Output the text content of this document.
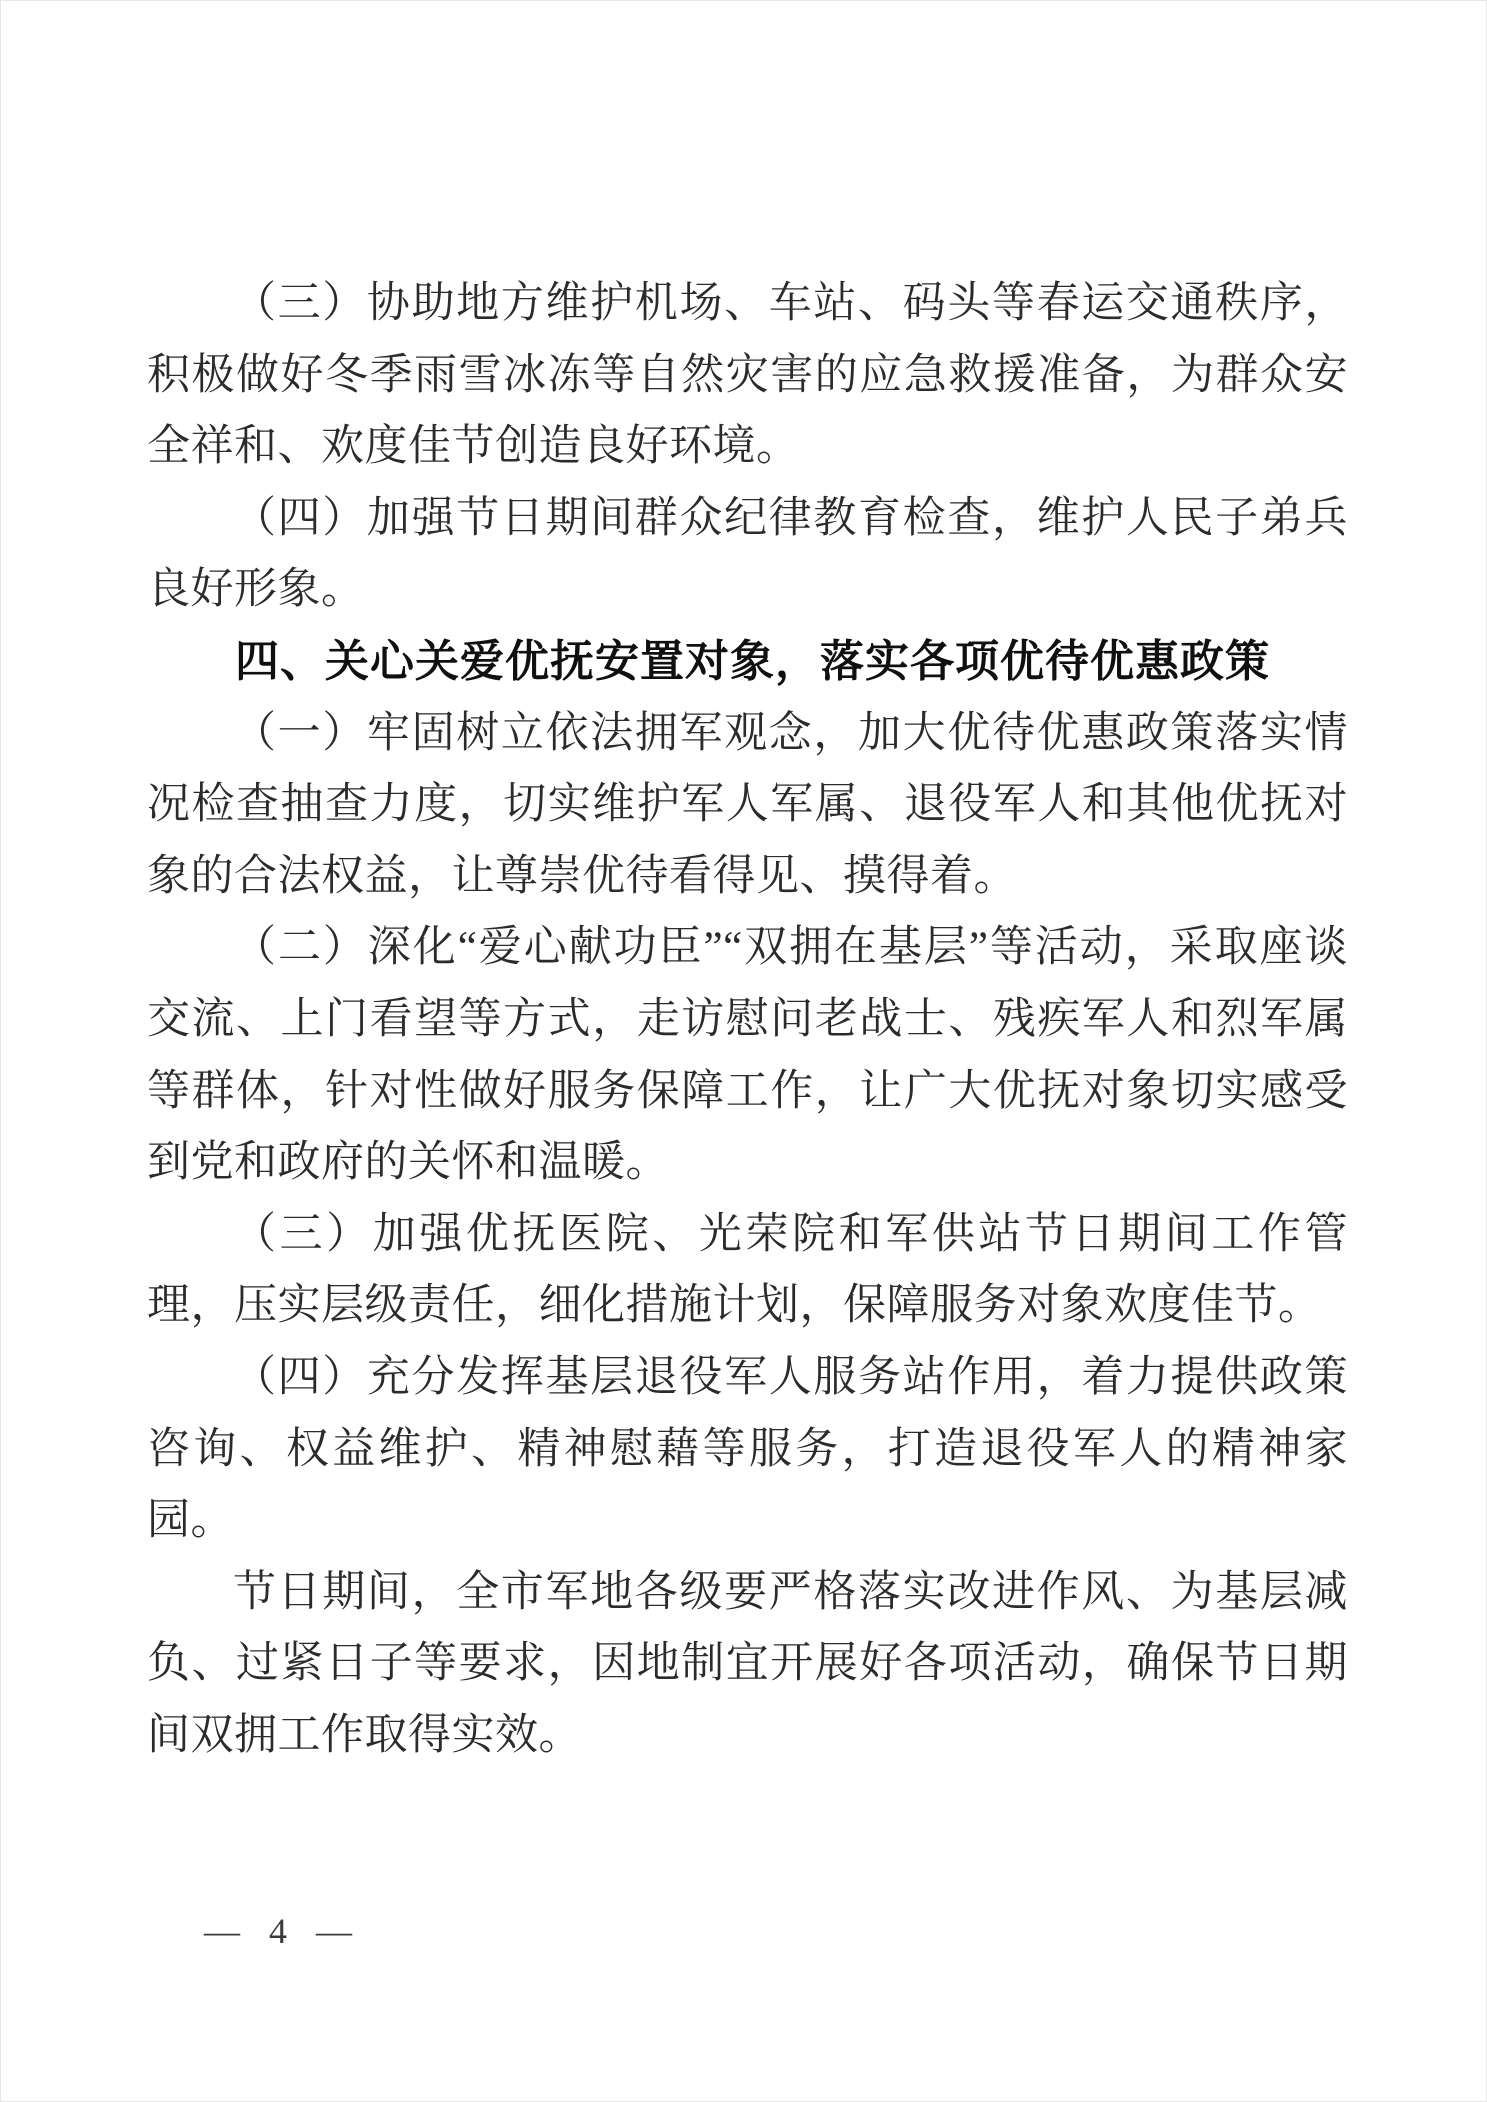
（三）协助地方维护机场、车站、码头等春运交通秩序，积极做好冬季雨雪冰冻等自然灾害的应急救援准备，为群众安全祥和、欢度佳节创造良好环境。

（四）加强节日期间群众纪律教育检查，维护人民子弟兵良好形象。

四、关心关爱优抚安置对象，落实各项优待优惠政策

（一）牢固树立依法拥军观念，加大优待优惠政策落实情况检查抽查力度，切实维护军人军属、退役军人和其他优抚对象的合法权益，让尊崇优待看得见、摸得着。

（二）深化“爱心献功臣”“双拥在基层”等活动，采取座谈交流、上门看望等方式，走访慰问老战士、残疾军人和烈军属等群体，针对性做好服务保障工作，让广大优抚对象切实感受到党和政府的关怀和温暖。

（三）加强优抚医院、光荣院和军供站节日期间工作管理，压实层级责任，细化措施计划，保障服务对象欢度佳节。

（四）充分发挥基层退役军人服务站作用，着力提供政策咨询、权益维护、精神慰藉等服务，打造退役军人的精神家园。

节日期间，全市军地各级要严格落实改进作风、为基层减负、过紧日子等要求，因地制宜开展好各项活动，确保节日期间双拥工作取得实效。

— 4 —
